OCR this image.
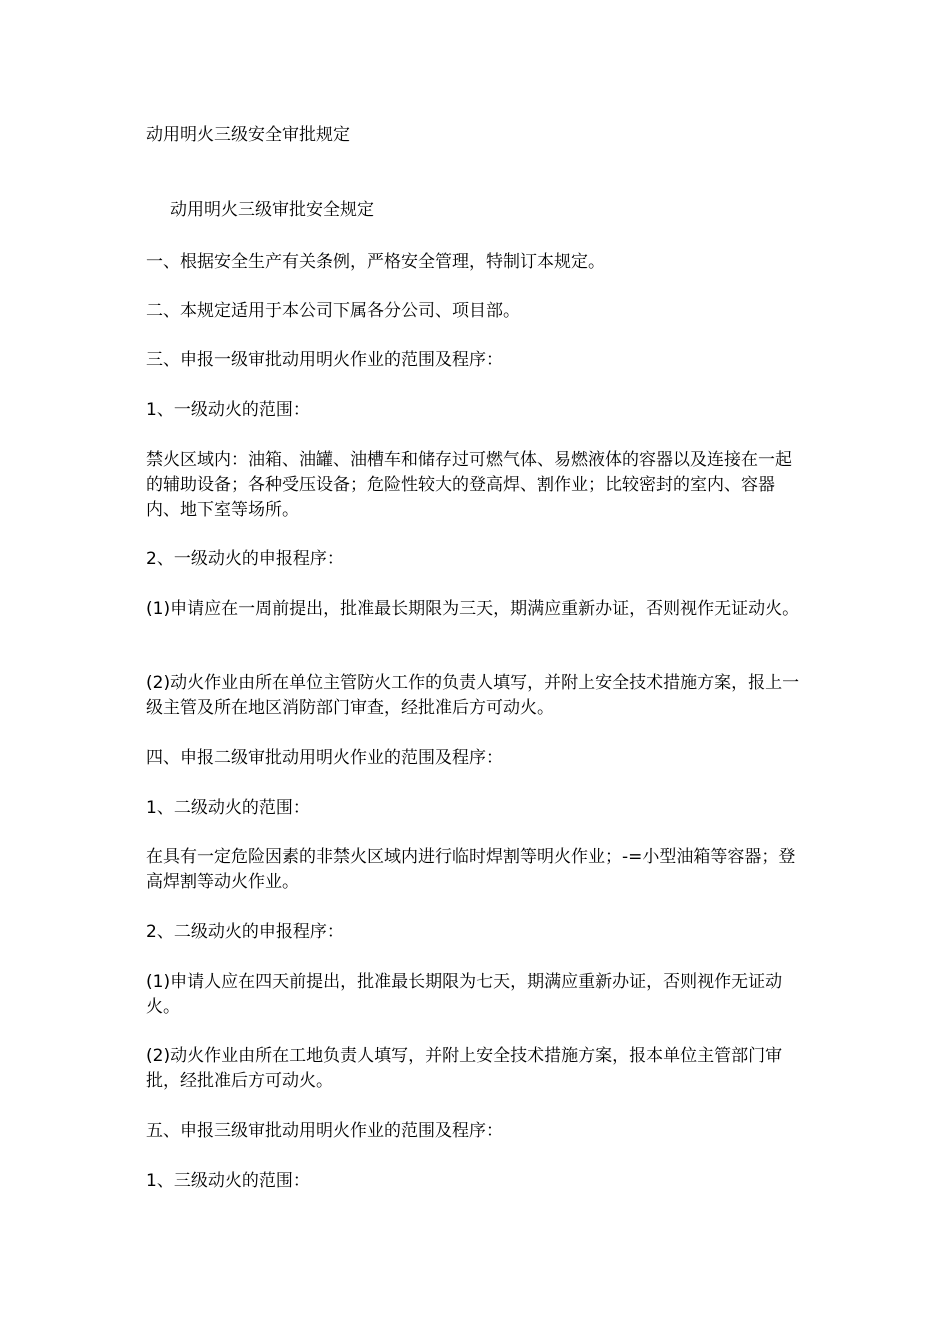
动用明火三级安全审批规定
动用明火三级审批安全规定
一、根据安全生产有关条例，严格安全管理，特制订本规定。
二、本规定适用于本公司下属各分公司、项目部。
三、申报一级审批动用明火作业的范围及程序：
1、一级动火的范围：
禁火区域内：油箱、油罐、油槽车和储存过可燃气体、易燃液体的容器以及连接在一起的辅助设备；各种受压设备；危险性较大的登高焊、割作业；比较密封的室内、容器内、地下室等场所。
2、一级动火的申报程序：
(1)申请应在一周前提出，批准最长期限为三天，期满应重新办证，否则视作无证动火。
(2)动火作业由所在单位主管防火工作的负责人填写，并附上安全技术措施方案，报上一级主管及所在地区消防部门审查，经批准后方可动火。
四、申报二级审批动用明火作业的范围及程序：
1、二级动火的范围：
在具有一定危险因素的非禁火区域内进行临时焊割等明火作业；-=小型油箱等容器；登高焊割等动火作业。
2、二级动火的申报程序：
(1)申请人应在四天前提出，批准最长期限为七天，期满应重新办证，否则视作无证动火。
(2)动火作业由所在工地负责人填写，并附上安全技术措施方案，报本单位主管部门审批，经批准后方可动火。
五、申报三级审批动用明火作业的范围及程序：
1、三级动火的范围：
